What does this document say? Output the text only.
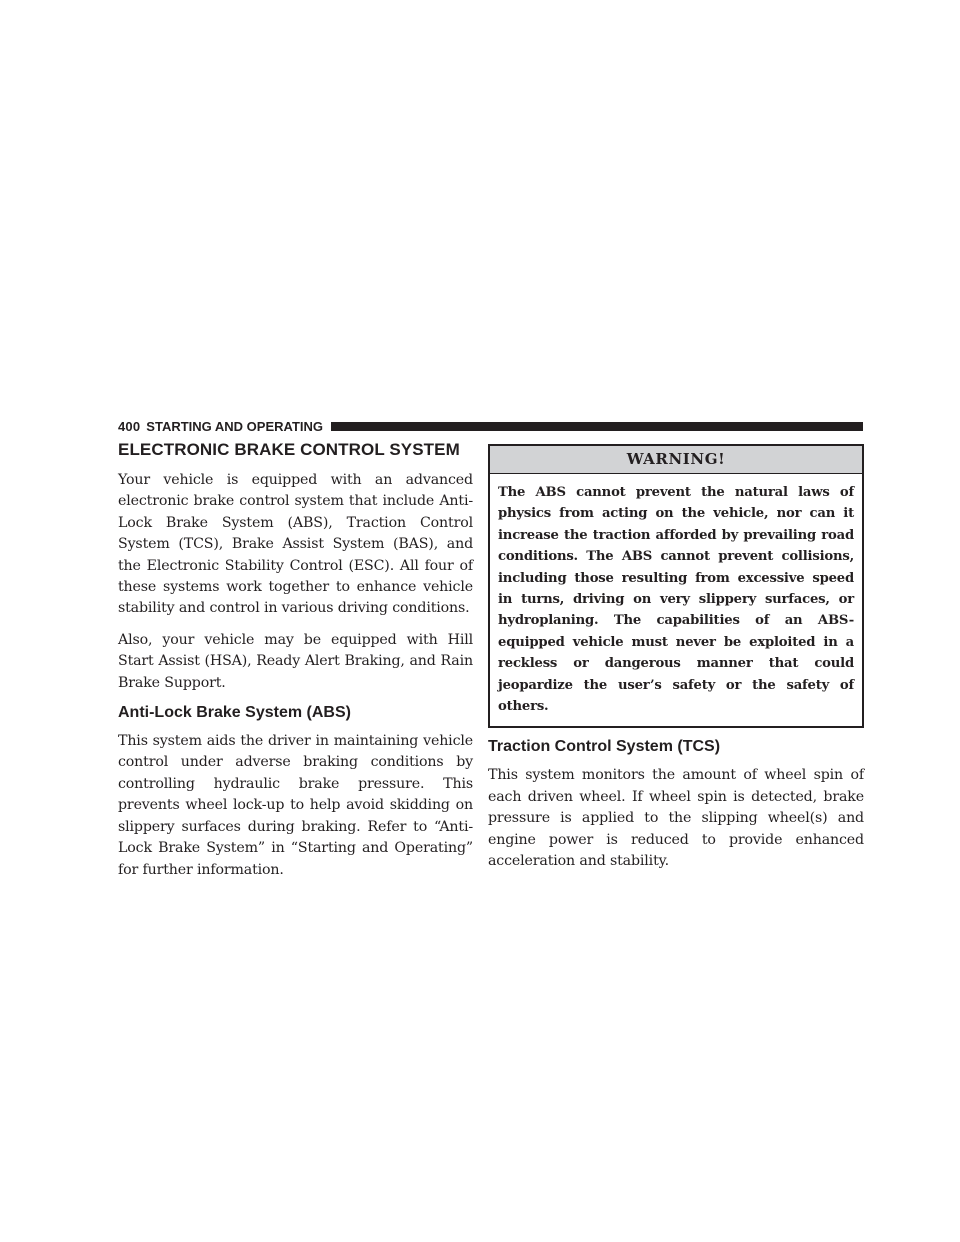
400 STARTING AND OPERATING
ELECTRONIC BRAKE CONTROL SYSTEM

Your vehicle is equipped with an advanced electronic brake control system that include Anti-Lock Brake System (ABS), Traction Control System (TCS), Brake Assist System (BAS), and the Electronic Stability Control (ESC). All four of these systems work together to enhance vehicle stability and control in various driving conditions.

Also, your vehicle may be equipped with Hill Start Assist (HSA), Ready Alert Braking, and Rain Brake Support.

Anti-Lock Brake System (ABS)

This system aids the driver in maintaining vehicle control under adverse braking conditions by controlling hydraulic brake pressure. This prevents wheel lock-up to help avoid skidding on slippery surfaces during braking. Refer to “Anti-Lock Brake System” in “Starting and Operating” for further information.

WARNING!

The ABS cannot prevent the natural laws of physics from acting on the vehicle, nor can it increase the traction afforded by prevailing road conditions. The ABS cannot prevent collisions, including those resulting from excessive speed in turns, driving on very slippery surfaces, or hydroplaning. The capabilities of an ABS-equipped vehicle must never be exploited in a reckless or dangerous manner that could jeopardize the user’s safety or the safety of others.

Traction Control System (TCS)

This system monitors the amount of wheel spin of each driven wheel. If wheel spin is detected, brake pressure is applied to the slipping wheel(s) and engine power is reduced to provide enhanced acceleration and stability.
